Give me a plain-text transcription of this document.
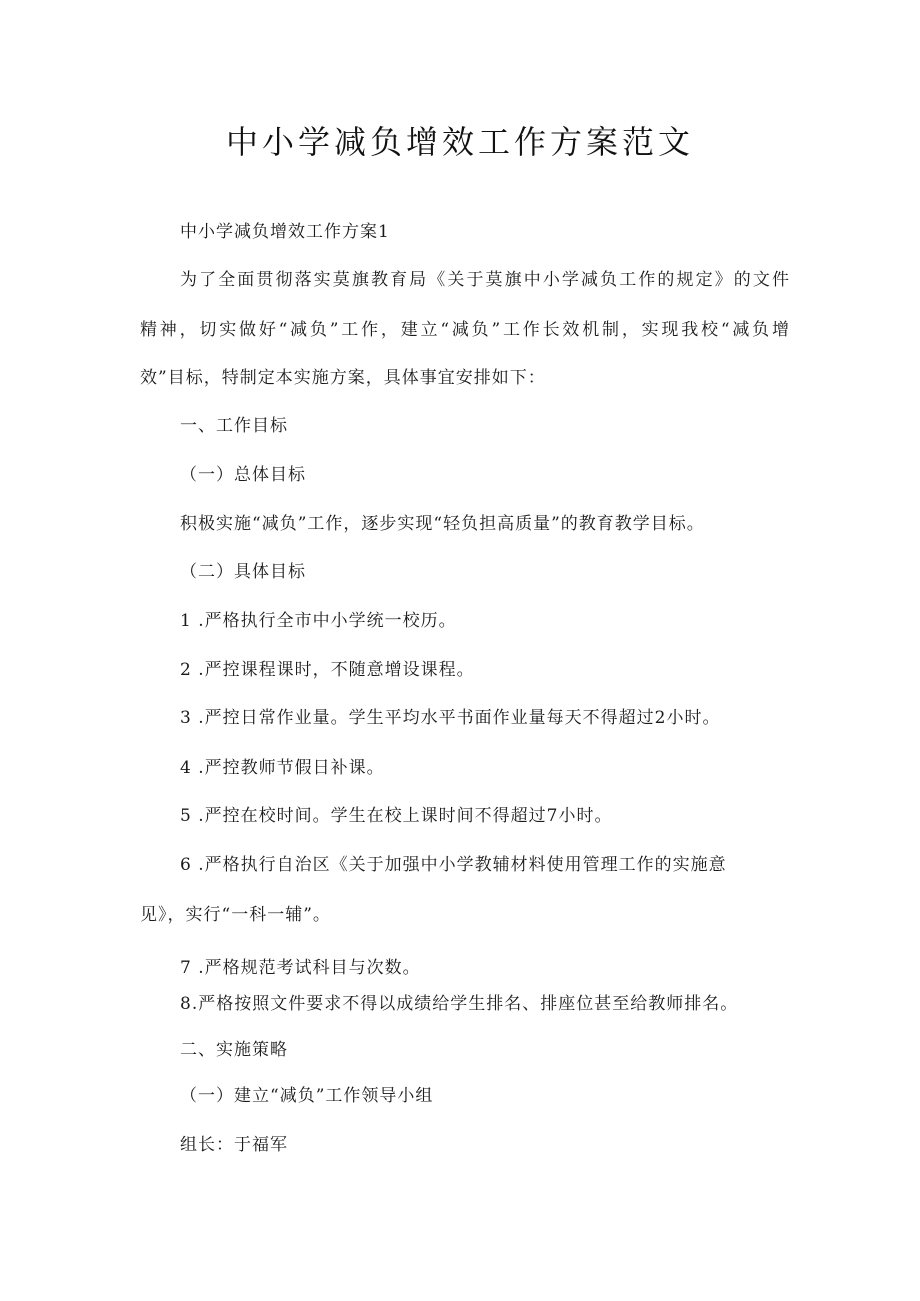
中小学减负增效工作方案范文
中小学减负增效工作方案1
为了全面贯彻落实莫旗教育局《关于莫旗中小学减负工作的规定》的文件
精神，切实做好“减负”工作，建立“减负”工作长效机制，实现我校“减负增
效”目标，特制定本实施方案，具体事宜安排如下：
一、工作目标
（一）总体目标
积极实施“减负”工作，逐步实现“轻负担高质量”的教育教学目标。
（二）具体目标
1 .严格执行全市中小学统一校历。
2 .严控课程课时，不随意增设课程。
3 .严控日常作业量。学生平均水平书面作业量每天不得超过2小时。
4 .严控教师节假日补课。
5 .严控在校时间。学生在校上课时间不得超过7小时。
6 .严格执行自治区《关于加强中小学教辅材料使用管理工作的实施意
见》，实行“一科一辅”。
7 .严格规范考试科目与次数。
8.严格按照文件要求不得以成绩给学生排名、排座位甚至给教师排名。
二、实施策略
（一）建立“减负”工作领导小组
组长：于福军
